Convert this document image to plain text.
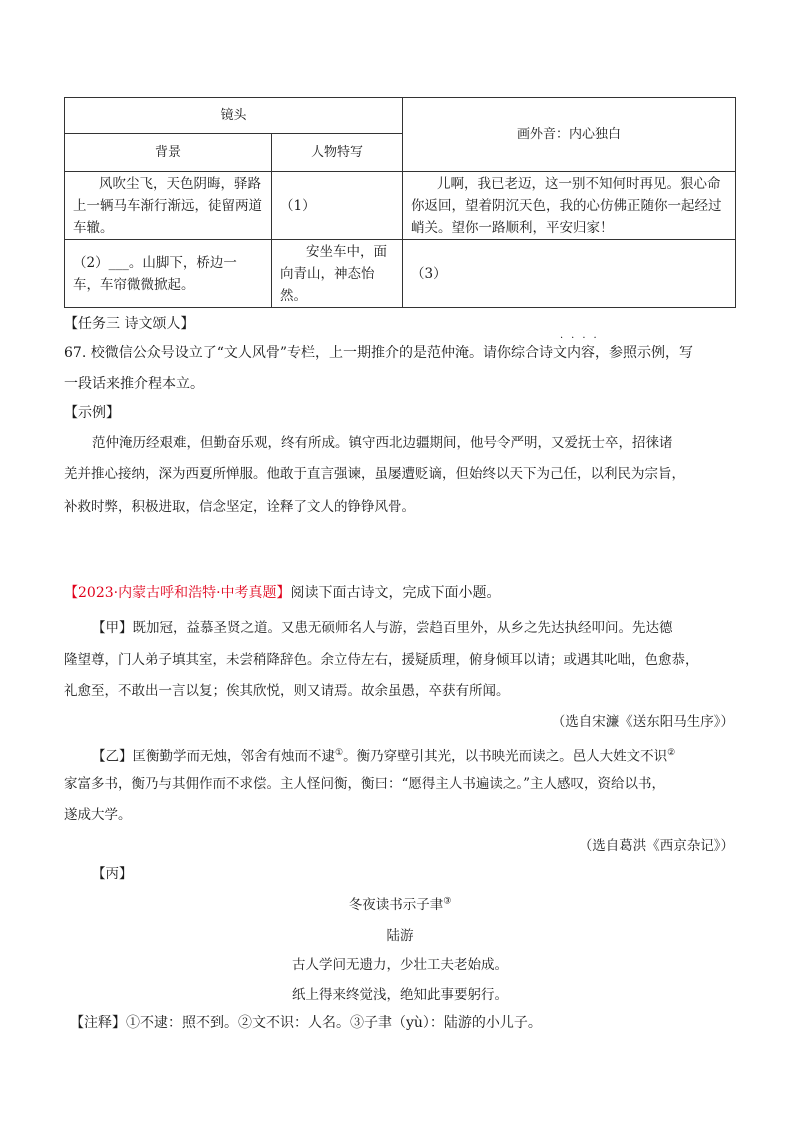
镜头		画外音：内心独白
背景	人物特写	
风吹尘飞，天色阴晦，驿路上一辆马车渐行渐远，徒留两道车辙。	（1）	儿啊，我已老迈，这一别不知何时再见。狠心命你返回，望着阴沉天色，我的心仿佛正随你一起经过峭关。望你一路顺利，平安归家！
（2）___。山脚下，桥边一车，车帘微微掀起。	安坐车中，面向青山，神态怡然。	（3）
【任务三 诗文颂人】
····
67. 校微信公众号设立了“文人风骨”专栏，上一期推介的是范仲淹。请你综合诗文内容，参照示例，写
一段话来推介程本立。
【示例】
范仲淹历经艰难，但勤奋乐观，终有所成。镇守西北边疆期间，他号令严明，又爱抚士卒，招徕诸
羌并推心接纳，深为西夏所惮服。他敢于直言强谏，虽屡遭贬谪，但始终以天下为己任，以利民为宗旨，
补救时弊，积极进取，信念坚定，诠释了文人的铮铮风骨。
【2023·内蒙古呼和浩特·中考真题】阅读下面古诗文，完成下面小题。
【甲】既加冠，益慕圣贤之道。又患无硕师名人与游，尝趋百里外，从乡之先达执经叩问。先达德
隆望尊，门人弟子填其室，未尝稍降辞色。余立侍左右，援疑质理，俯身倾耳以请；或遇其叱咄，色愈恭，
礼愈至，不敢出一言以复；俟其欣悦，则又请焉。故余虽愚，卒获有所闻。
（选自宋濂《送东阳马生序》）
【乙】匡衡勤学而无烛，邻舍有烛而不逮①。衡乃穿壁引其光，以书映光而读之。邑人大姓文不识②
家富多书，衡乃与其佣作而不求偿。主人怪问衡，衡曰：“愿得主人书遍读之。”主人感叹，资给以书，
遂成大学。
（选自葛洪《西京杂记》）
【丙】
冬夜读书示子聿③
陆游
古人学问无遗力，少壮工夫老始成。
纸上得来终觉浅，绝知此事要躬行。
【注释】①不逮：照不到。②文不识：人名。③子聿（yù）：陆游的小儿子。
